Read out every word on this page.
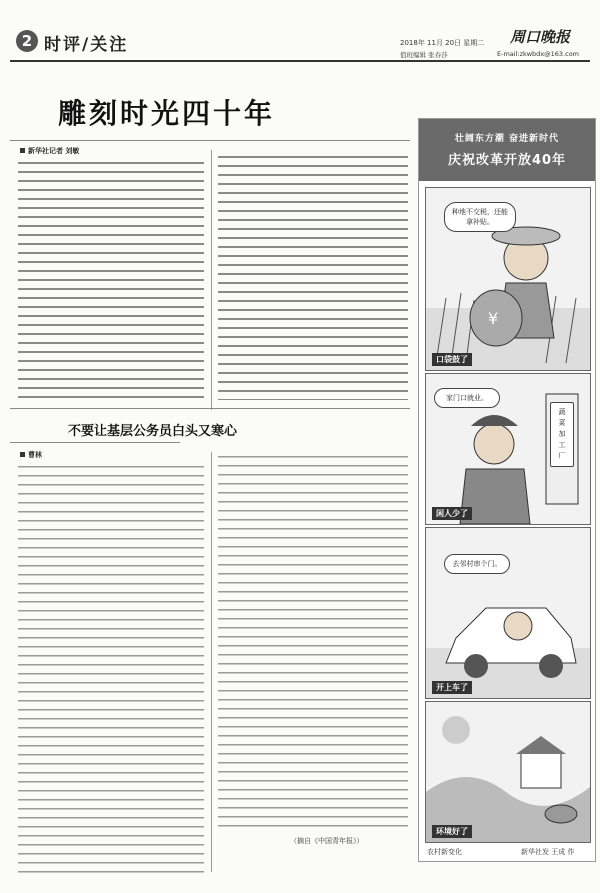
2 时评/关注	2018年 11月 20日 星期二 周口晚报
值班编辑 张春莎	E-mail:zkwbdx@163.com
雕刻时光四十年
新华社记者 刘敏
不要让基层公务员白头又寒心
曹林
（摘自《中国青年报》）
壮阔东方潮 奋进新时代
庆祝改革开放40年
¥
种地不交税，还能拿补贴。
口袋鼓了
家门口就业。
蔬菜加工厂
闲人少了
去邻村串个门。
开上车了
环境好了
农村新变化	新华社发 王成 作
